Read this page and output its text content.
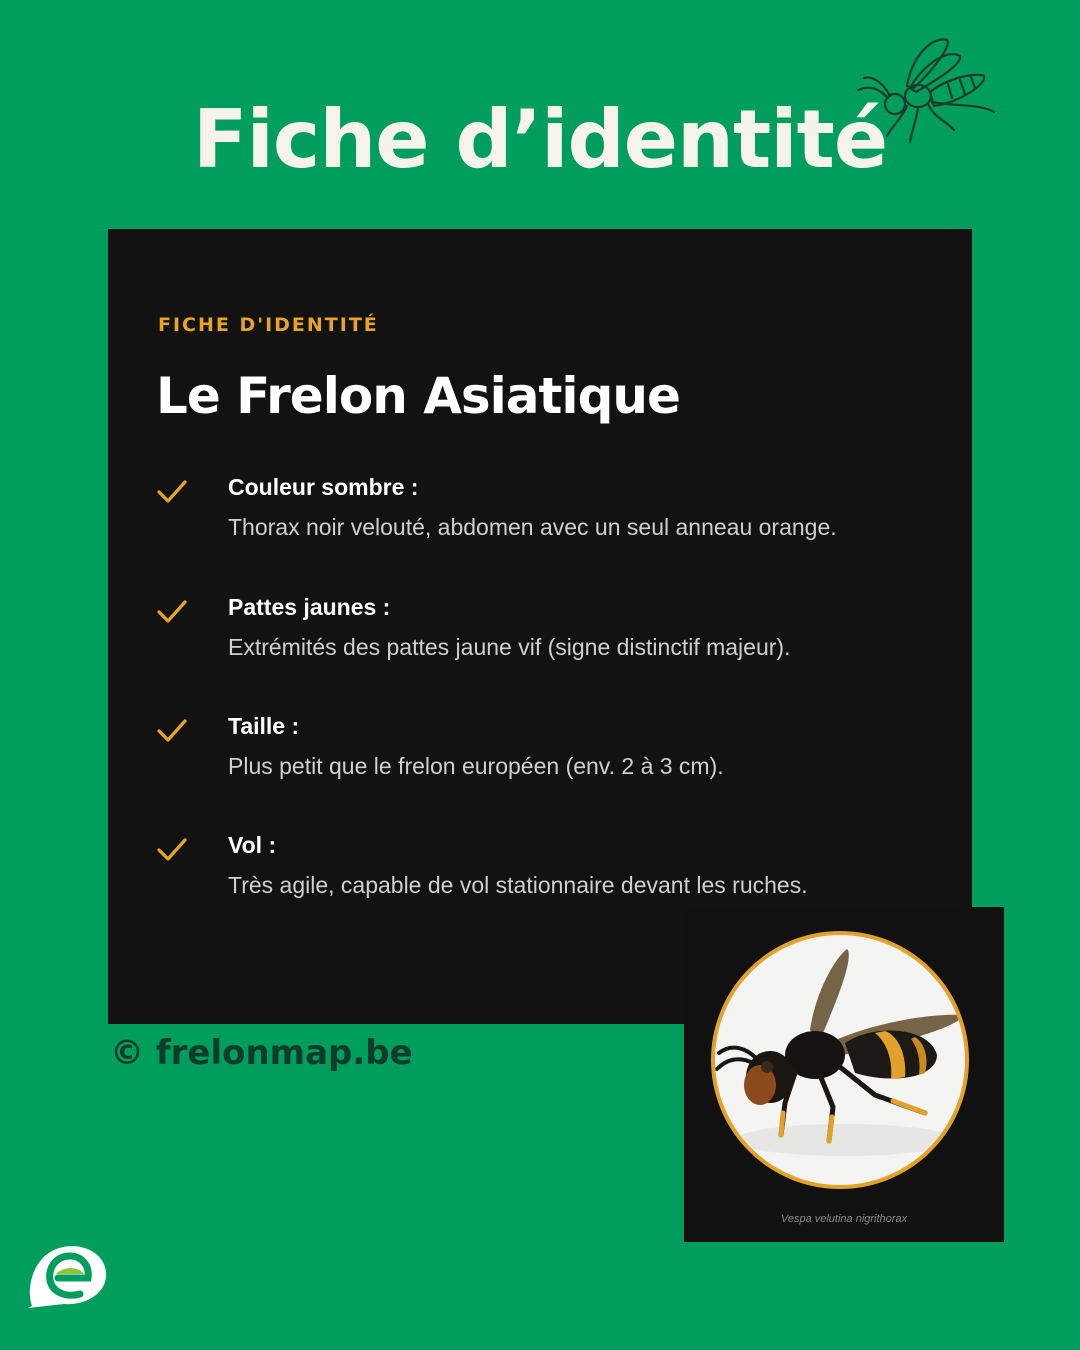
Fiche d’identité
FICHE D'IDENTITÉ
Le Frelon Asiatique
Couleur sombre :
Thorax noir velouté, abdomen avec un seul anneau orange.
Pattes jaunes :
Extrémités des pattes jaune vif (signe distinctif majeur).
Taille :
Plus petit que le frelon européen (env. 2 à 3 cm).
Vol :
Très agile, capable de vol stationnaire devant les ruches.
Vespa velutina nigrithorax
© frelonmap.be
